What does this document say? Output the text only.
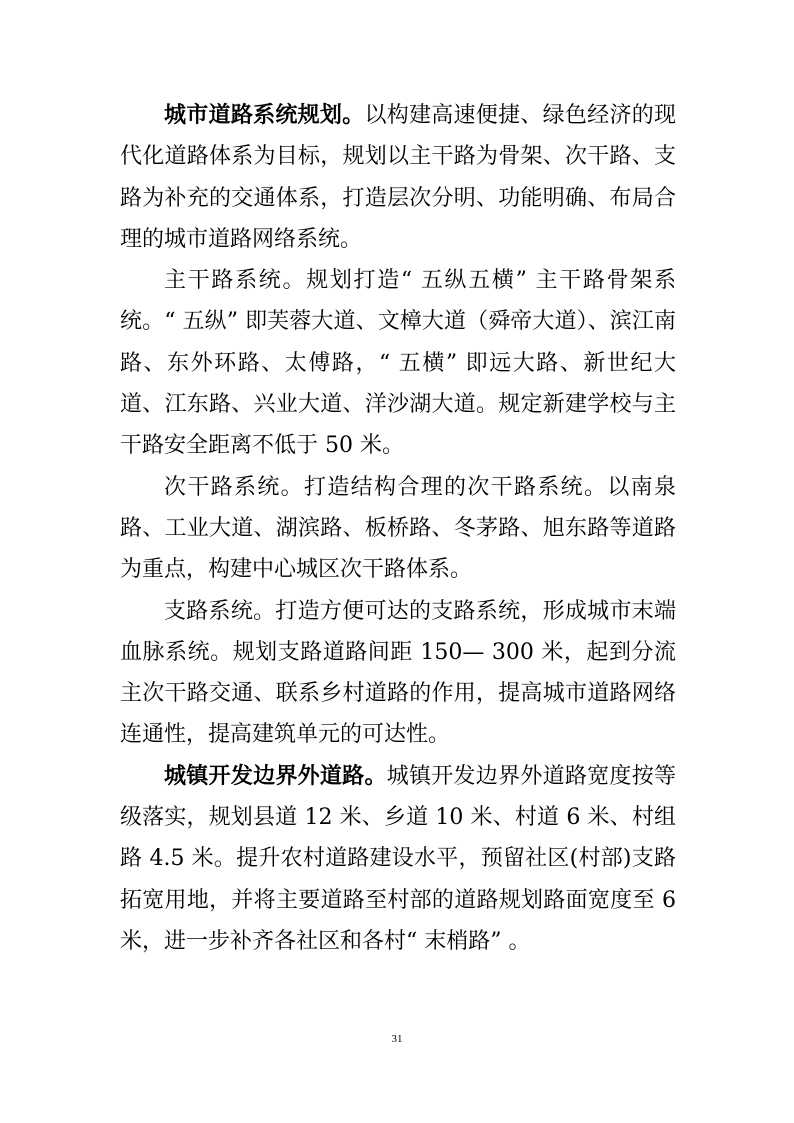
城市道路系统规划。以构建高速便捷、绿色经济的现代化道路体系为目标，规划以主干路为骨架、次干路、支路为补充的交通体系，打造层次分明、功能明确、布局合理的城市道路网络系统。

主干路系统。规划打造“ 五纵五横” 主干路骨架系统。“ 五纵” 即芙蓉大道、文樟大道（舜帝大道）、滨江南路、东外环路、太傅路，“ 五横” 即远大路、新世纪大道、江东路、兴业大道、洋沙湖大道。规定新建学校与主干路安全距离不低于 50 米。

次干路系统。打造结构合理的次干路系统。以南泉路、工业大道、湖滨路、板桥路、冬茅路、旭东路等道路为重点，构建中心城区次干路体系。

支路系统。打造方便可达的支路系统，形成城市末端血脉系统。规划支路道路间距 150— 300 米，起到分流主次干路交通、联系乡村道路的作用，提高城市道路网络连通性，提高建筑单元的可达性。

城镇开发边界外道路。城镇开发边界外道路宽度按等级落实，规划县道 12 米、乡道 10 米、村道 6 米、村组路 4.5 米。提升农村道路建设水平，预留社区(村部)支路拓宽用地，并将主要道路至村部的道路规划路面宽度至 6 米，进一步补齐各社区和各村“ 末梢路” 。

31
